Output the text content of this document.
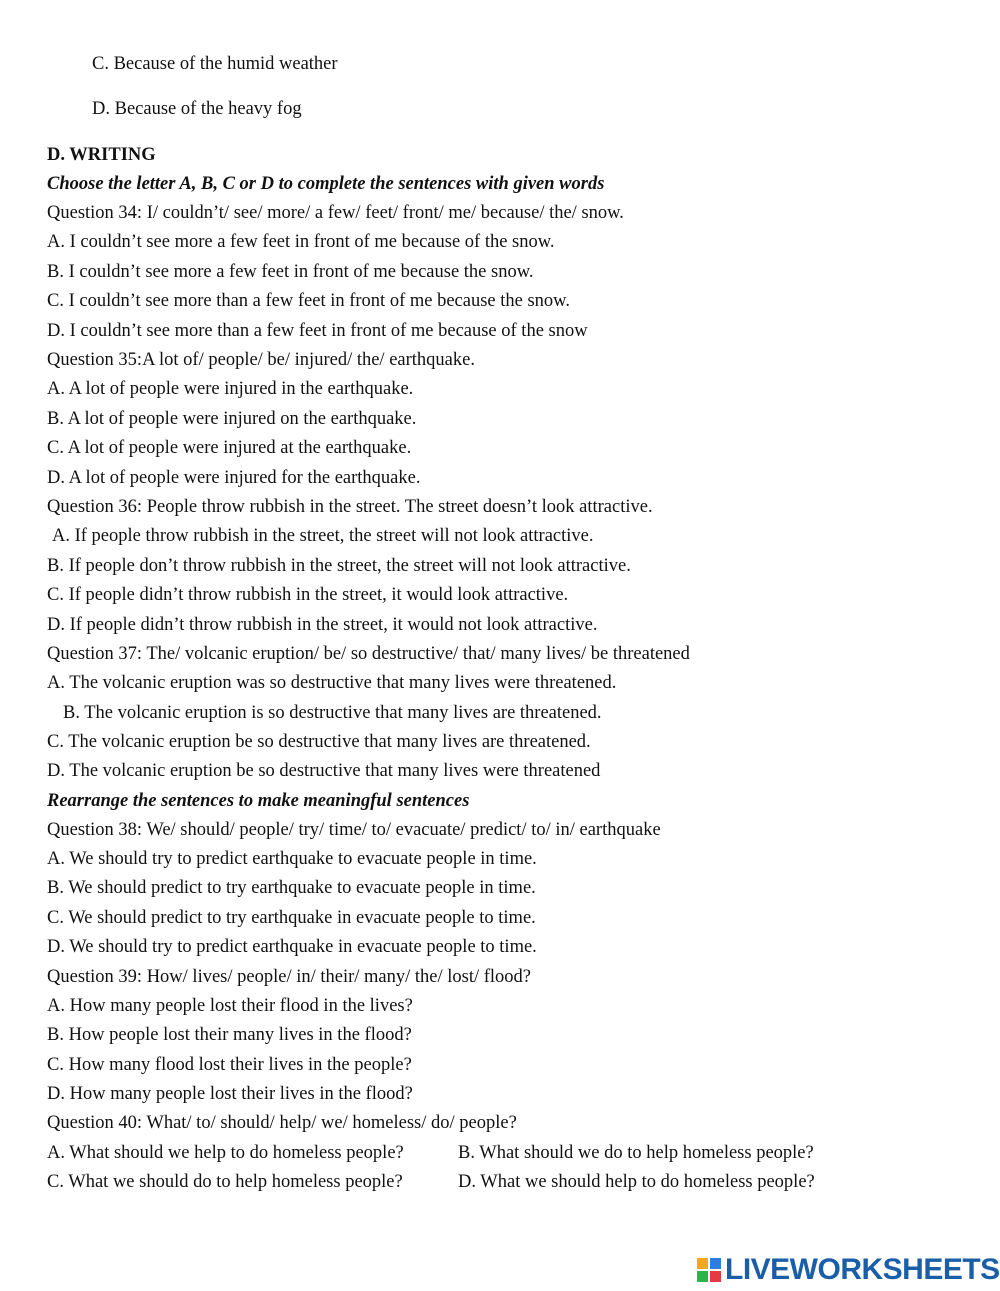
C. Because of the humid weather
D. Because of the heavy fog
D. WRITING
Choose the letter A, B, C or D to complete the sentences with given words
Question 34: I/ couldn’t/ see/ more/ a few/ feet/ front/ me/ because/ the/ snow.
A. I couldn’t see more a few feet in front of me because of the snow.
B. I couldn’t see more a few feet in front of me because the snow.
C. I couldn’t see more than a few feet in front of me because the snow.
D. I couldn’t see more than a few feet in front of me because of the snow
Question 35:A lot of/ people/ be/ injured/ the/ earthquake.
A. A lot of people were injured in the earthquake.
B. A lot of people were injured on the earthquake.
C. A lot of people were injured at the earthquake.
D. A lot of people were injured for the earthquake.
Question 36: People throw rubbish in the street. The street doesn’t look attractive.
A. If people throw rubbish in the street, the street will not look attractive.
B. If people don’t throw rubbish in the street, the street will not look attractive.
C. If people didn’t throw rubbish in the street, it would look attractive.
D. If people didn’t throw rubbish in the street, it would not look attractive.
Question 37: The/ volcanic eruption/ be/ so destructive/ that/ many lives/ be threatened
A. The volcanic eruption was so destructive that many lives were threatened.
B. The volcanic eruption is so destructive that many lives are threatened.
C. The volcanic eruption be so destructive that many lives are threatened.
D. The volcanic eruption be so destructive that many lives were threatened
Rearrange the sentences to make meaningful sentences
Question 38: We/ should/ people/ try/ time/ to/ evacuate/ predict/ to/ in/ earthquake
A. We should try to predict earthquake to evacuate people in time.
B. We should predict to try earthquake to evacuate people in time.
C. We should predict to try earthquake in evacuate people to time.
D. We should try to predict earthquake in evacuate people to time.
Question 39: How/ lives/ people/ in/ their/ many/ the/ lost/ flood?
A. How many people lost their flood in the lives?
B. How people lost their many lives in the flood?
C. How many flood lost their lives in the people?
D. How many people lost their lives in the flood?
Question 40: What/ to/ should/ help/ we/ homeless/ do/ people?
A. What should we help to do homeless people?	B. What should we do to help homeless people?
C. What we should do to help homeless people?	D. What we should help to do homeless people?
LIVEWORKSHEETS
